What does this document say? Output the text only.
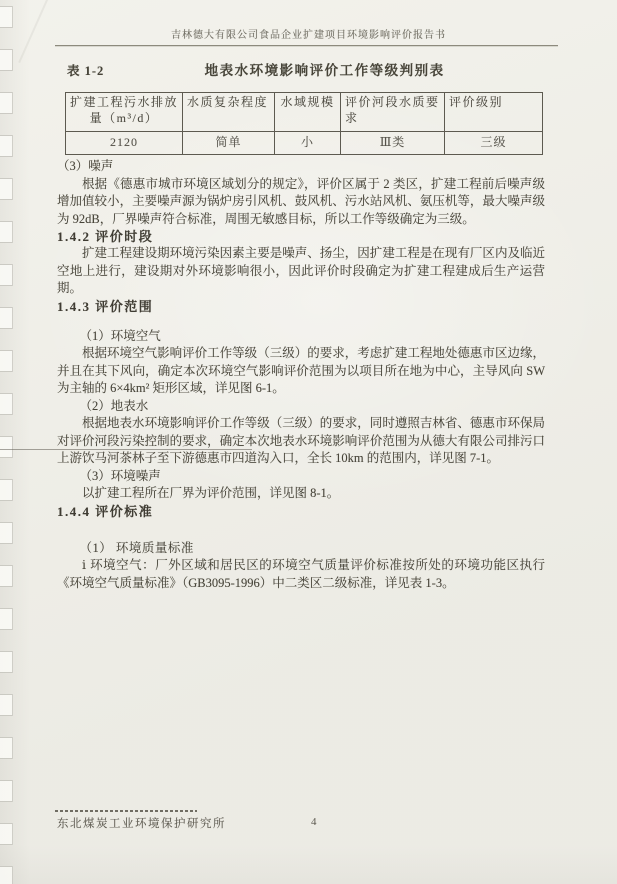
吉林德大有限公司食品企业扩建项目环境影响评价报告书
表 1-2	地表水环境影响评价工作等级判别表
扩建工程污水排放量（m³/d）	水质复杂程度	水域规模	评价河段水质要求	评价级别
2120	简单	小	Ⅲ类	三级
（3）噪声

根据《德惠市城市环境区域划分的规定》，评价区属于 2 类区，扩建工程前后噪声级增加值较小，主要噪声源为锅炉房引风机、鼓风机、污水站风机、氨压机等，最大噪声级为 92dB，厂界噪声符合标准，周围无敏感目标，所以工作等级确定为三级。

1.4.2 评价时段

扩建工程建设期环境污染因素主要是噪声、扬尘，因扩建工程是在现有厂区内及临近空地上进行，建设期对外环境影响很小，因此评价时段确定为扩建工程建成后生产运营期。

1.4.3 评价范围
（1）环境空气

根据环境空气影响评价工作等级（三级）的要求，考虑扩建工程地处德惠市区边缘，并且在其下风向，确定本次环境空气影响评价范围为以项目所在地为中心，主导风向 SW 为主轴的 6×4km² 矩形区域，详见图 6-1。

（2）地表水

根据地表水环境影响评价工作等级（三级）的要求，同时遵照吉林省、德惠市环保局对评价河段污染控制的要求，确定本次地表水环境影响评价范围为从德大有限公司排污口上游饮马河茶林子至下游德惠市四道沟入口，全长 10km 的范围内，详见图 7-1。

（3）环境噪声

以扩建工程所在厂界为评价范围，详见图 8-1。

1.4.4 评价标准
（1） 环境质量标准

ⅰ 环境空气：厂外区域和居民区的环境空气质量评价标准按所处的环境功能区执行《环境空气质量标准》（GB3095-1996）中二类区二级标准，详见表 1-3。

东北煤炭工业环境保护研究所	4
